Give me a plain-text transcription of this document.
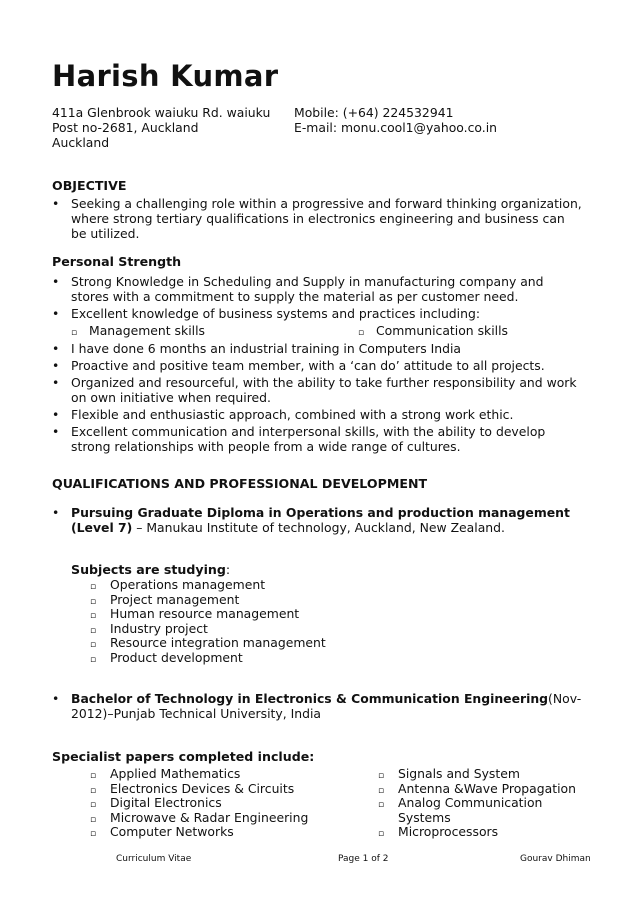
Harish Kumar
411a Glenbrook waiuku Rd. waiuku
Post no-2681, Auckland
Auckland
Mobile: (+64) 224532941
E-mail: monu.cool1@yahoo.co.in
OBJECTIVE
• Seeking a challenging role within a progressive and forward thinking organization, where strong tertiary qualifications in electronics engineering and business can be utilized.
Personal Strength
• Strong Knowledge in Scheduling and Supply in manufacturing company and stores with a commitment to supply the material as per customer need.
• Excellent knowledge of business systems and practices including:
▫ Management skills	▫ Communication skills
• I have done 6 months an industrial training in Computers India
• Proactive and positive team member, with a ‘can do’ attitude to all projects.
• Organized and resourceful, with the ability to take further responsibility and work on own initiative when required.
• Flexible and enthusiastic approach, combined with a strong work ethic.
• Excellent communication and interpersonal skills, with the ability to develop strong relationships with people from a wide range of cultures.
QUALIFICATIONS AND PROFESSIONAL DEVELOPMENT
• Pursuing Graduate Diploma in Operations and production management (Level 7) – Manukau Institute of technology, Auckland, New Zealand.
Subjects are studying:
▫ Operations management
▫ Project management
▫ Human resource management
▫ Industry project
▫ Resource integration management
▫ Product development
• Bachelor of Technology in Electronics & Communication Engineering(Nov-2012)–Punjab Technical University, India
Specialist papers completed include:
▫ Applied Mathematics
▫ Electronics Devices & Circuits
▫ Digital Electronics
▫ Microwave & Radar Engineering
▫ Computer Networks
▫ Signals and System
▫ Antenna &Wave Propagation
▫ Analog Communication
Systems
▫ Microprocessors
Curriculum Vitae	Page 1 of 2	Gourav Dhiman
